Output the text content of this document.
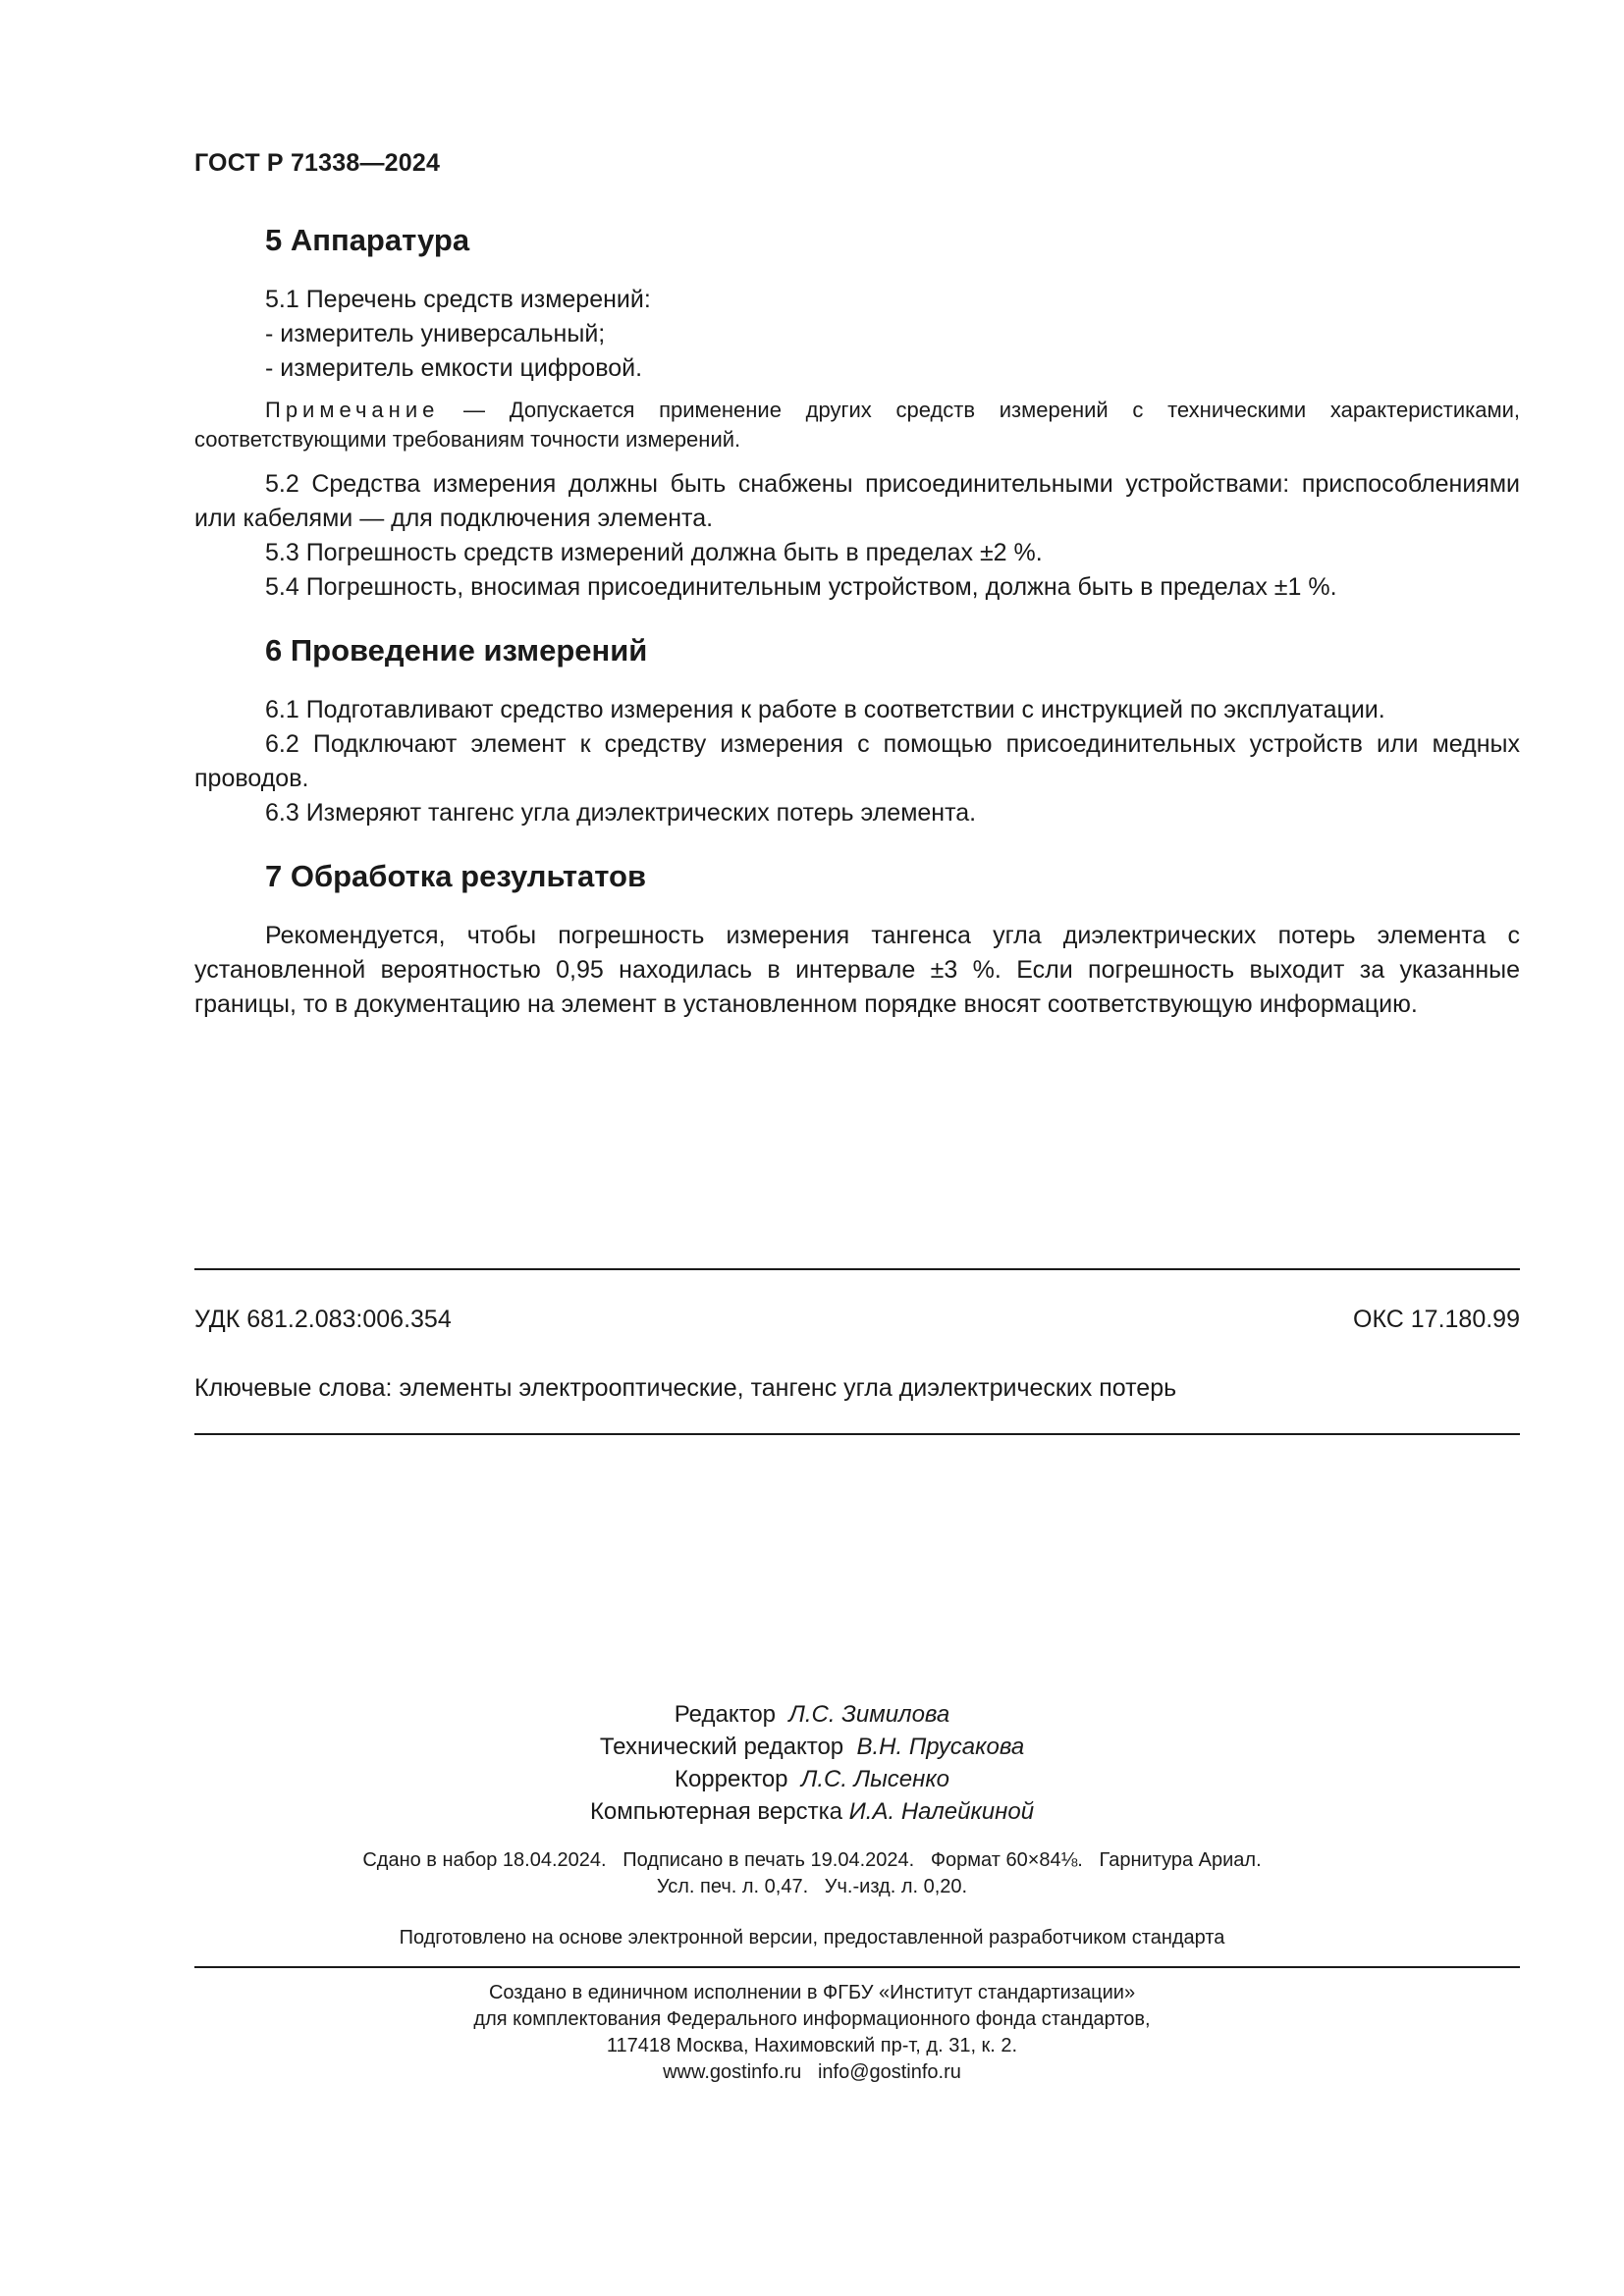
ГОСТ Р 71338—2024
5 Аппаратура

5.1 Перечень средств измерений:

- измеритель универсальный;

- измеритель емкости цифровой.

Примечание — Допускается применение других средств измерений с техническими характеристиками, соответствующими требованиям точности измерений.

5.2 Средства измерения должны быть снабжены присоединительными устройствами: приспособлениями или кабелями — для подключения элемента.

5.3 Погрешность средств измерений должна быть в пределах ±2 %.

5.4 Погрешность, вносимая присоединительным устройством, должна быть в пределах ±1 %.

6 Проведение измерений

6.1 Подготавливают средство измерения к работе в соответствии с инструкцией по эксплуатации.

6.2 Подключают элемент к средству измерения с помощью присоединительных устройств или медных проводов.

6.3 Измеряют тангенс угла диэлектрических потерь элемента.

7 Обработка результатов

Рекомендуется, чтобы погрешность измерения тангенса угла диэлектрических потерь элемента с установленной вероятностью 0,95 находилась в интервале ±3 %. Если погрешность выходит за указанные границы, то в документацию на элемент в установленном порядке вносят соответствующую информацию.

УДК 681.2.083:006.354	ОКС 17.180.99
Ключевые слова: элементы электрооптические, тангенс угла диэлектрических потерь
Редактор Л.С. Зимилова
Технический редактор В.Н. Прусакова
Корректор Л.С. Лысенко
Компьютерная верстка И.А. Налейкиной
Сдано в набор 18.04.2024.   Подписано в печать 19.04.2024.   Формат 60×84⅛.   Гарнитура Ариал.
Усл. печ. л. 0,47.   Уч.-изд. л. 0,20.
Подготовлено на основе электронной версии, предоставленной разработчиком стандарта
Создано в единичном исполнении в ФГБУ «Институт стандартизации»
для комплектования Федерального информационного фонда стандартов,
117418 Москва, Нахимовский пр-т, д. 31, к. 2.
www.gostinfo.ru   info@gostinfo.ru
